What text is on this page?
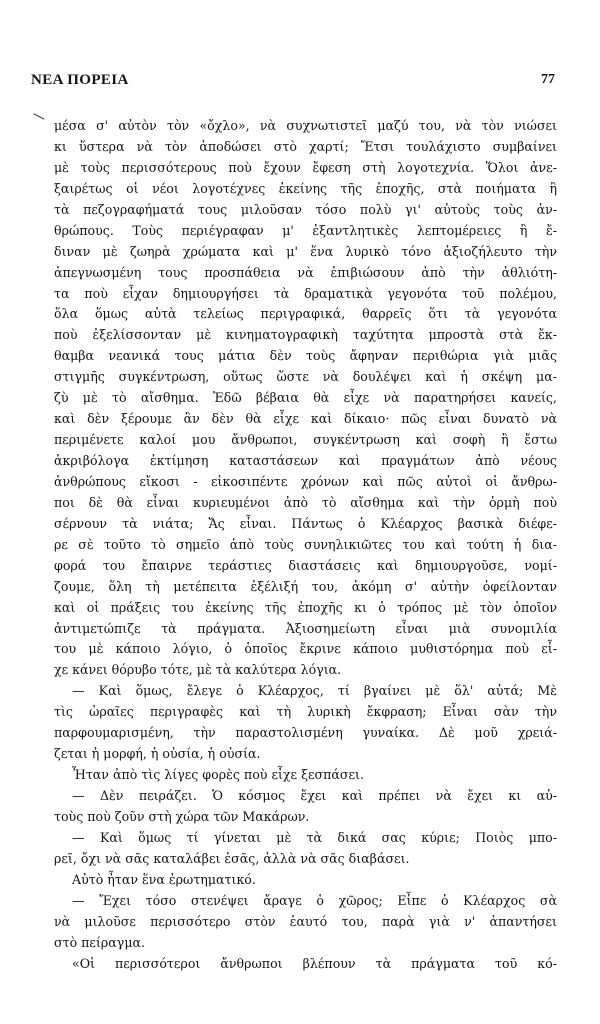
ΝΕΑ ΠΟΡΕΙΑ	77
μέσα σ' αὐτὸν τὸν «ὄχλο», νὰ συχνωτιστεῖ μαζύ του, νὰ τὸν νιώσει
κι ὕστερα νὰ τὸν ἀποδώσει στὸ χαρτί; Ἔτσι τουλάχιστο συμβαίνει
μὲ τοὺς περισσότερους ποὺ ἔχουν ἔφεση στὴ λογοτεχνία. Ὅλοι ἀνε-
ξαιρέτως οἱ νέοι λογοτέχνες ἐκείνης τῆς ἐποχῆς, στὰ ποιήματα ἢ
τὰ πεζογραφήματά τους μιλοῦσαν τόσο πολὺ γι' αὐτοὺς τοὺς ἀν-
θρώπους. Τοὺς περιέγραφαν μ' ἐξαντλητικὲς λεπτομέρειες ἢ ἔ-
διναν μὲ ζωηρὰ χρώματα καὶ μ' ἕνα λυρικὸ τόνο ἀξιοζήλευτο τὴν
ἀπεγνωσμένη τους προσπάθεια νὰ ἐπιβιώσουν ἀπὸ τὴν ἀθλιότη-
τα ποὺ εἶχαν δημιουργήσει τὰ δραματικὰ γεγονότα τοῦ πολέμου,
ὅλα ὅμως αὐτὰ τελείως περιγραφικά, θαρρεῖς ὅτι τὰ γεγονότα
ποὺ ἐξελίσσονταν μὲ κινηματογραφικὴ ταχύτητα μπροστὰ στὰ ἔκ-
θαμβα νεανικά τους μάτια δὲν τοὺς ἄφηναν περιθώρια γιὰ μιᾶς
στιγμῆς συγκέντρωση, οὕτως ὥστε νὰ δουλέψει καὶ ἡ σκέψη μα-
ζὺ μὲ τὸ αἴσθημα. Ἐδῶ βέβαια θὰ εἶχε νὰ παρατηρήσει κανείς,
καὶ δὲν ξέρουμε ἂν δὲν θὰ εἶχε καὶ δίκαιο· πῶς εἶναι δυνατὸ νὰ
περιμένετε καλοί μου ἄνθρωποι, συγκέντρωση καὶ σοφὴ ἢ ἔστω
ἀκριβόλογα ἐκτίμηση καταστάσεων καὶ πραγμάτων ἀπὸ νέους
ἀνθρώπους εἴκοσι - εἰκοσιπέντε χρόνων καὶ πῶς αὐτοὶ οἱ ἄνθρω-
ποι δὲ θὰ εἶναι κυριευμένοι ἀπὸ τὸ αἴσθημα καὶ τὴν ὁρμὴ ποὺ
σέρνουν τὰ νιάτα; Ἄς εἶναι. Πάντως ὁ Κλέαρχος βασικὰ διέφε-
ρε σὲ τοῦτο τὸ σημεῖο ἀπὸ τοὺς συνηλικιῶτες του καὶ τούτη ἡ δια-
φορά του ἔπαιρνε τεράστιες διαστάσεις καὶ δημιουργοῦσε, νομί-
ζουμε, ὅλη τὴ μετέπειτα ἐξέλιξή του, ἀκόμη σ' αὐτὴν ὀφείλονταν
καὶ οἱ πράξεις του ἐκείνης τῆς ἐποχῆς κι ὁ τρόπος μὲ τὸν ὁποῖον
ἀντιμετώπιζε τὰ πράγματα. Ἀξιοσημείωτη εἶναι μιὰ συνομιλία
του μὲ κάποιο λόγιο, ὁ ὁποῖος ἔκρινε κάποιο μυθιστόρημα ποὺ εἶ-
χε κάνει θόρυβο τότε, μὲ τὰ καλύτερα λόγια.
— Καὶ ὅμως, ἔλεγε ὁ Κλέαρχος, τί βγαίνει μὲ ὅλ' αὐτά; Μὲ
τὶς ὡραῖες περιγραφὲς καὶ τὴ λυρικὴ ἔκφραση; Εἶναι σὰν τὴν
παρφουμαρισμένη, τὴν παραστολισμένη γυναίκα. Δὲ μοῦ χρειά-
ζεται ἡ μορφή, ἡ οὐσία, ἡ οὐσία.
Ἦταν ἀπὸ τὶς λίγες φορὲς ποὺ εἶχε ξεσπάσει.
— Δὲν πειράζει. Ὁ κόσμος ἔχει καὶ πρέπει νὰ ἔχει κι αὐ-
τοὺς ποὺ ζοῦν στὴ χώρα τῶν Μακάρων.
— Καὶ ὅμως τί γίνεται μὲ τὰ δικά σας κύριε; Ποιὸς μπο-
ρεῖ, ὄχι νὰ σᾶς καταλάβει ἐσᾶς, ἀλλὰ νὰ σᾶς διαβάσει.
Αὐτὸ ἦταν ἕνα ἐρωτηματικό.
— Ἔχει τόσο στενέψει ἄραγε ὁ χῶρος; Εἶπε ὁ Κλέαρχος σὰ
νὰ μιλοῦσε περισσότερο στὸν ἑαυτό του, παρὰ γιὰ ν' ἀπαντήσει
στὸ πείραγμα.
«Οἱ περισσότεροι ἄνθρωποι βλέπουν τὰ πράγματα τοῦ κό-
